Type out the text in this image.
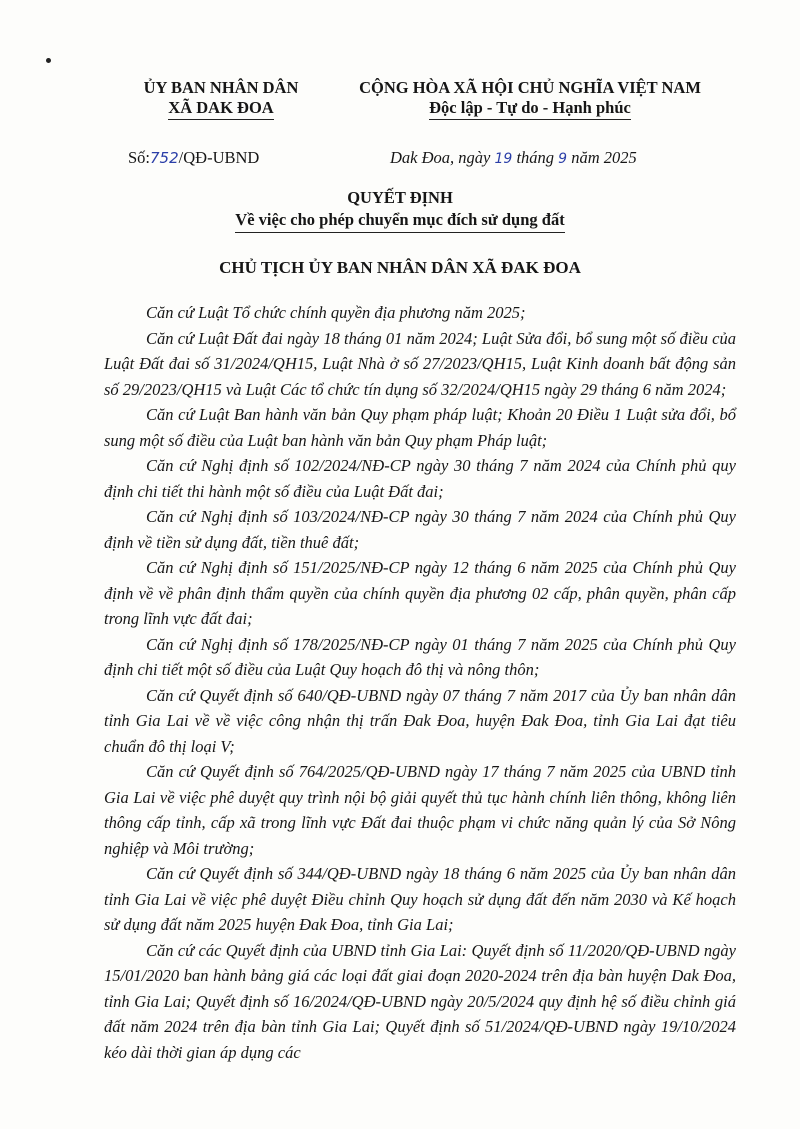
ỦY BAN NHÂN DÂN
XÃ DAK ĐOA
CỘNG HÒA XÃ HỘI CHỦ NGHĨA VIỆT NAM
Độc lập - Tự do - Hạnh phúc
Số:752/QĐ-UBND	Dak Đoa, ngày 19 tháng 9 năm 2025
QUYẾT ĐỊNH
Về việc cho phép chuyển mục đích sử dụng đất
CHỦ TỊCH ỦY BAN NHÂN DÂN XÃ ĐAK ĐOA

Căn cứ Luật Tổ chức chính quyền địa phương năm 2025;

Căn cứ Luật Đất đai ngày 18 tháng 01 năm 2024; Luật Sửa đổi, bổ sung một số điều của Luật Đất đai số 31/2024/QH15, Luật Nhà ở số 27/2023/QH15, Luật Kinh doanh bất động sản số 29/2023/QH15 và Luật Các tổ chức tín dụng số 32/2024/QH15 ngày 29 tháng 6 năm 2024;

Căn cứ Luật Ban hành văn bản Quy phạm pháp luật; Khoản 20 Điều 1 Luật sửa đổi, bổ sung một số điều của Luật ban hành văn bản Quy phạm Pháp luật;

Căn cứ Nghị định số 102/2024/NĐ-CP ngày 30 tháng 7 năm 2024 của Chính phủ quy định chi tiết thi hành một số điều của Luật Đất đai;

Căn cứ Nghị định số 103/2024/NĐ-CP ngày 30 tháng 7 năm 2024 của Chính phủ Quy định về tiền sử dụng đất, tiền thuê đất;

Căn cứ Nghị định số 151/2025/NĐ-CP ngày 12 tháng 6 năm 2025 của Chính phủ Quy định về về phân định thẩm quyền của chính quyền địa phương 02 cấp, phân quyền, phân cấp trong lĩnh vực đất đai;

Căn cứ Nghị định số 178/2025/NĐ-CP ngày 01 tháng 7 năm 2025 của Chính phủ Quy định chi tiết một số điều của Luật Quy hoạch đô thị và nông thôn;

Căn cứ Quyết định số 640/QĐ-UBND ngày 07 tháng 7 năm 2017 của Ủy ban nhân dân tỉnh Gia Lai về về việc công nhận thị trấn Đak Đoa, huyện Đak Đoa, tỉnh Gia Lai đạt tiêu chuẩn đô thị loại V;

Căn cứ Quyết định số 764/2025/QĐ-UBND ngày 17 tháng 7 năm 2025 của UBND tỉnh Gia Lai về việc phê duyệt quy trình nội bộ giải quyết thủ tục hành chính liên thông, không liên thông cấp tỉnh, cấp xã trong lĩnh vực Đất đai thuộc phạm vi chức năng quản lý của Sở Nông nghiệp và Môi trường;

Căn cứ Quyết định số 344/QĐ-UBND ngày 18 tháng 6 năm 2025 của Ủy ban nhân dân tỉnh Gia Lai về việc phê duyệt Điều chỉnh Quy hoạch sử dụng đất đến năm 2030 và Kế hoạch sử dụng đất năm 2025 huyện Đak Đoa, tỉnh Gia Lai;

Căn cứ các Quyết định của UBND tỉnh Gia Lai: Quyết định số 11/2020/QĐ-UBND ngày 15/01/2020 ban hành bảng giá các loại đất giai đoạn 2020-2024 trên địa bàn huyện Dak Đoa, tỉnh Gia Lai; Quyết định số 16/2024/QĐ-UBND ngày 20/5/2024 quy định hệ số điều chỉnh giá đất năm 2024 trên địa bàn tỉnh Gia Lai; Quyết định số 51/2024/QĐ-UBND ngày 19/10/2024 kéo dài thời gian áp dụng các
